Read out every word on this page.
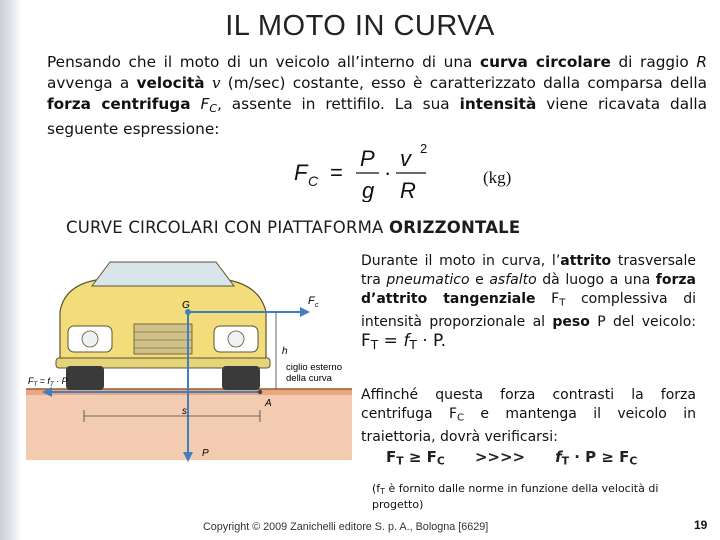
IL MOTO IN CURVA
Pensando che il moto di un veicolo all’interno di una curva circolare di raggio R avvenga a velocità v (m/sec) costante, esso è caratterizzato dalla comparsa della forza centrifuga $F_C$, assente in rettifilo. La sua intensità viene ricavata dalla seguente espressione:
F C =
P
g
·
v 2
R
(kg)
CURVE CIRCOLARI CON PIATTAFORMA ORIZZONTALE
G	F c
P
h
ciglio esterno della curva
$F_T = f_T \cdot P$
A
s
Durante il moto in curva, l’attrito trasversale tra pneumatico e asfalto dà luogo a una forza d’attrito tangenziale $F_T$ complessiva di intensità proporzionale al peso P del veicolo: $F_T = f_T \cdot P$.
Affinché questa forza contrasti la forza centrifuga $F_C$ e mantenga il veicolo in traiettoria, dovrà verificarsi:
$F_T \ge F_C$ >>>> $f_T \cdot P \ge F_C$
($f_T$ è fornito dalle norme in funzione della velocità di progetto)
Copyright © 2009 Zanichelli editore S. p. A., Bologna [6629]	19
